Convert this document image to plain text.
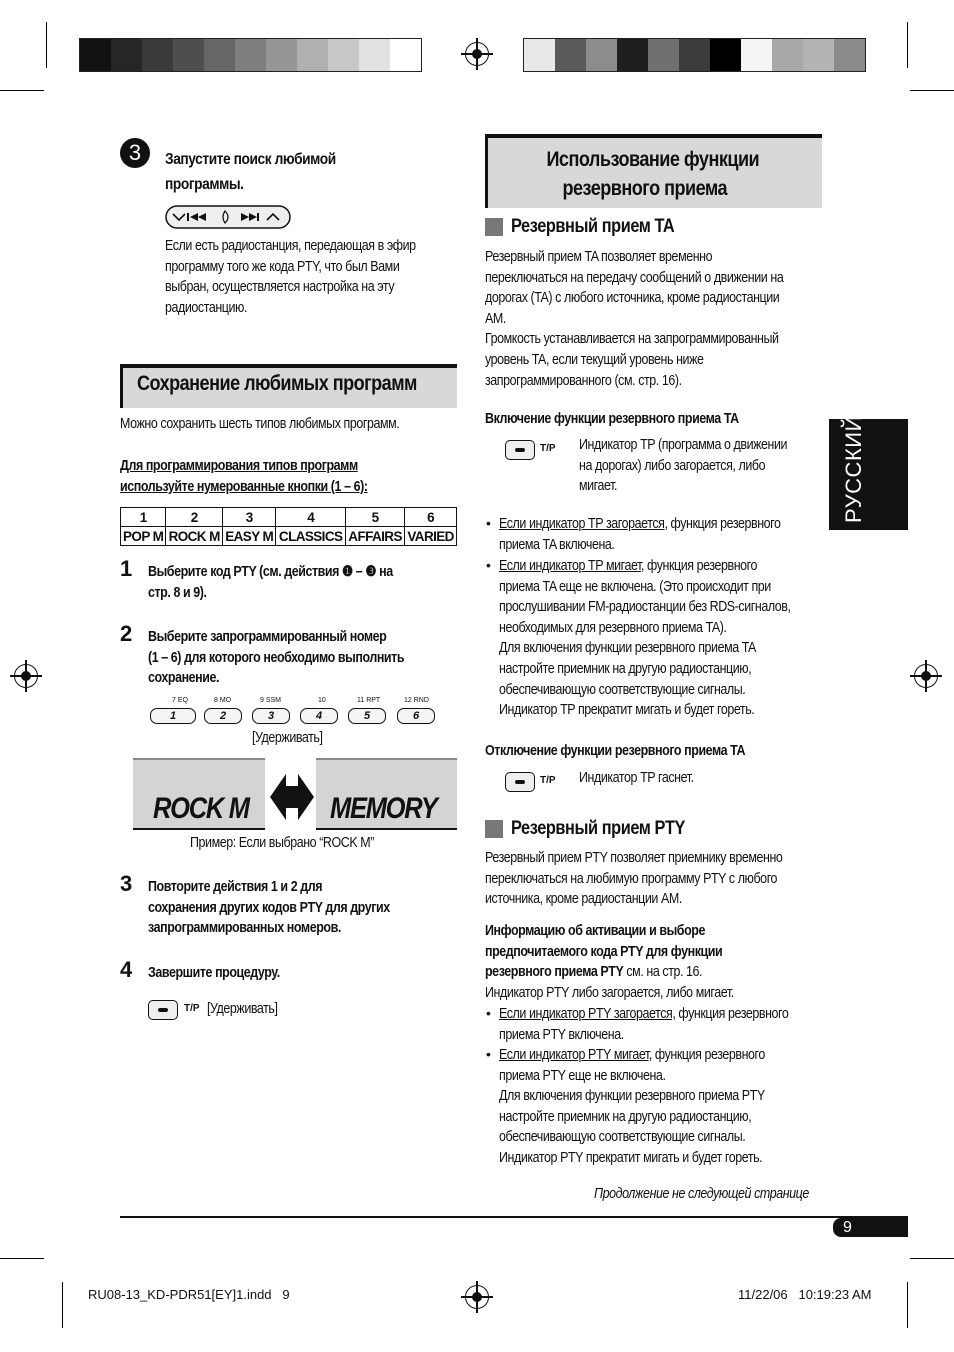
3	Запустите поиск любимой
программы.
Если есть радиостанция, передающая в эфир
программу того же кода PTY, что был Вами
выбран, осуществляется настройка на эту
радиостанцию.
Сохранение любимых программ
Можно сохранить шесть типов любимых программ.
Для программирования типов программ
используйте нумерованные кнопки (1 – 6):
1	2	3	4	5	6
POP M	ROCK M	EASY M	CLASSICS	AFFAIRS	VARIED
1 Выберите код PTY (см. действия ❶ – ❸ на
стр. 8 и 9).
2 Выберите запрограммированный номер
(1 – 6) для которого необходимо выполнить
сохранение.
7 EQ	8 MO	9 SSM	10	11 RPT	12 RND
1	2	3	4	5	6
[Удерживать]
ROCK M	MEMORY
Пример: Если выбрано “ROCK M”
3 Повторите действия 1 и 2 для
сохранения других кодов PTY для других
запрограммированных номеров.
4 Завершите процедуру.
T/P [Удерживать]
Использование функции
резервного приема
Резервный прием TA
Резервный прием TA позволяет временно
переключаться на передачу сообщений о движении на
дорогах (TA) с любого источника, кроме радиостанции
AM.
Громкость устанавливается на запрограммированный
уровень TA, если текущий уровень ниже
запрограммированного (см. стр. 16).
Включение функции резервного приема TA
T/P Индикатор TP (программа о движении
на дорогах) либо загорается, либо
мигает.
• Если индикатор TP загорается, функция резервного
приема TA включена.
• Если индикатор TP мигает, функция резервного
приема TA еще не включена. (Это происходит при
прослушивании FM-радиостанции без RDS-сигналов,
необходимых для резервного приема TA).
Для включения функции резервного приема TA
настройте приемник на другую радиостанцию,
обеспечивающую соответствующие сигналы.
Индикатор TP прекратит мигать и будет гореть.
Отключение функции резервного приема TA
T/P Индикатор TP гаснет.
Резервный прием PTY
Резервный прием PTY позволяет приемнику временно
переключаться на любимую программу PTY с любого
источника, кроме радиостанции AM.
Информацию об активации и выборе
предпочитаемого кода PTY для функции
резервного приема PTY см. на стр. 16.
Индикатор PTY либо загорается, либо мигает.
• Если индикатор PTY загорается, функция резервного
приема PTY включена.
• Если индикатор PTY мигает, функция резервного
приема PTY еще не включена.
Для включения функции резервного приема PTY
настройте приемник на другую радиостанцию,
обеспечивающую соответствующие сигналы.
Индикатор PTY прекратит мигать и будет гореть.
Продолжение не следующей странице
РУССКИЙ
9
RU08-13_KD-PDR51[EY]1.indd   9	11/22/06   10:19:23 AM
